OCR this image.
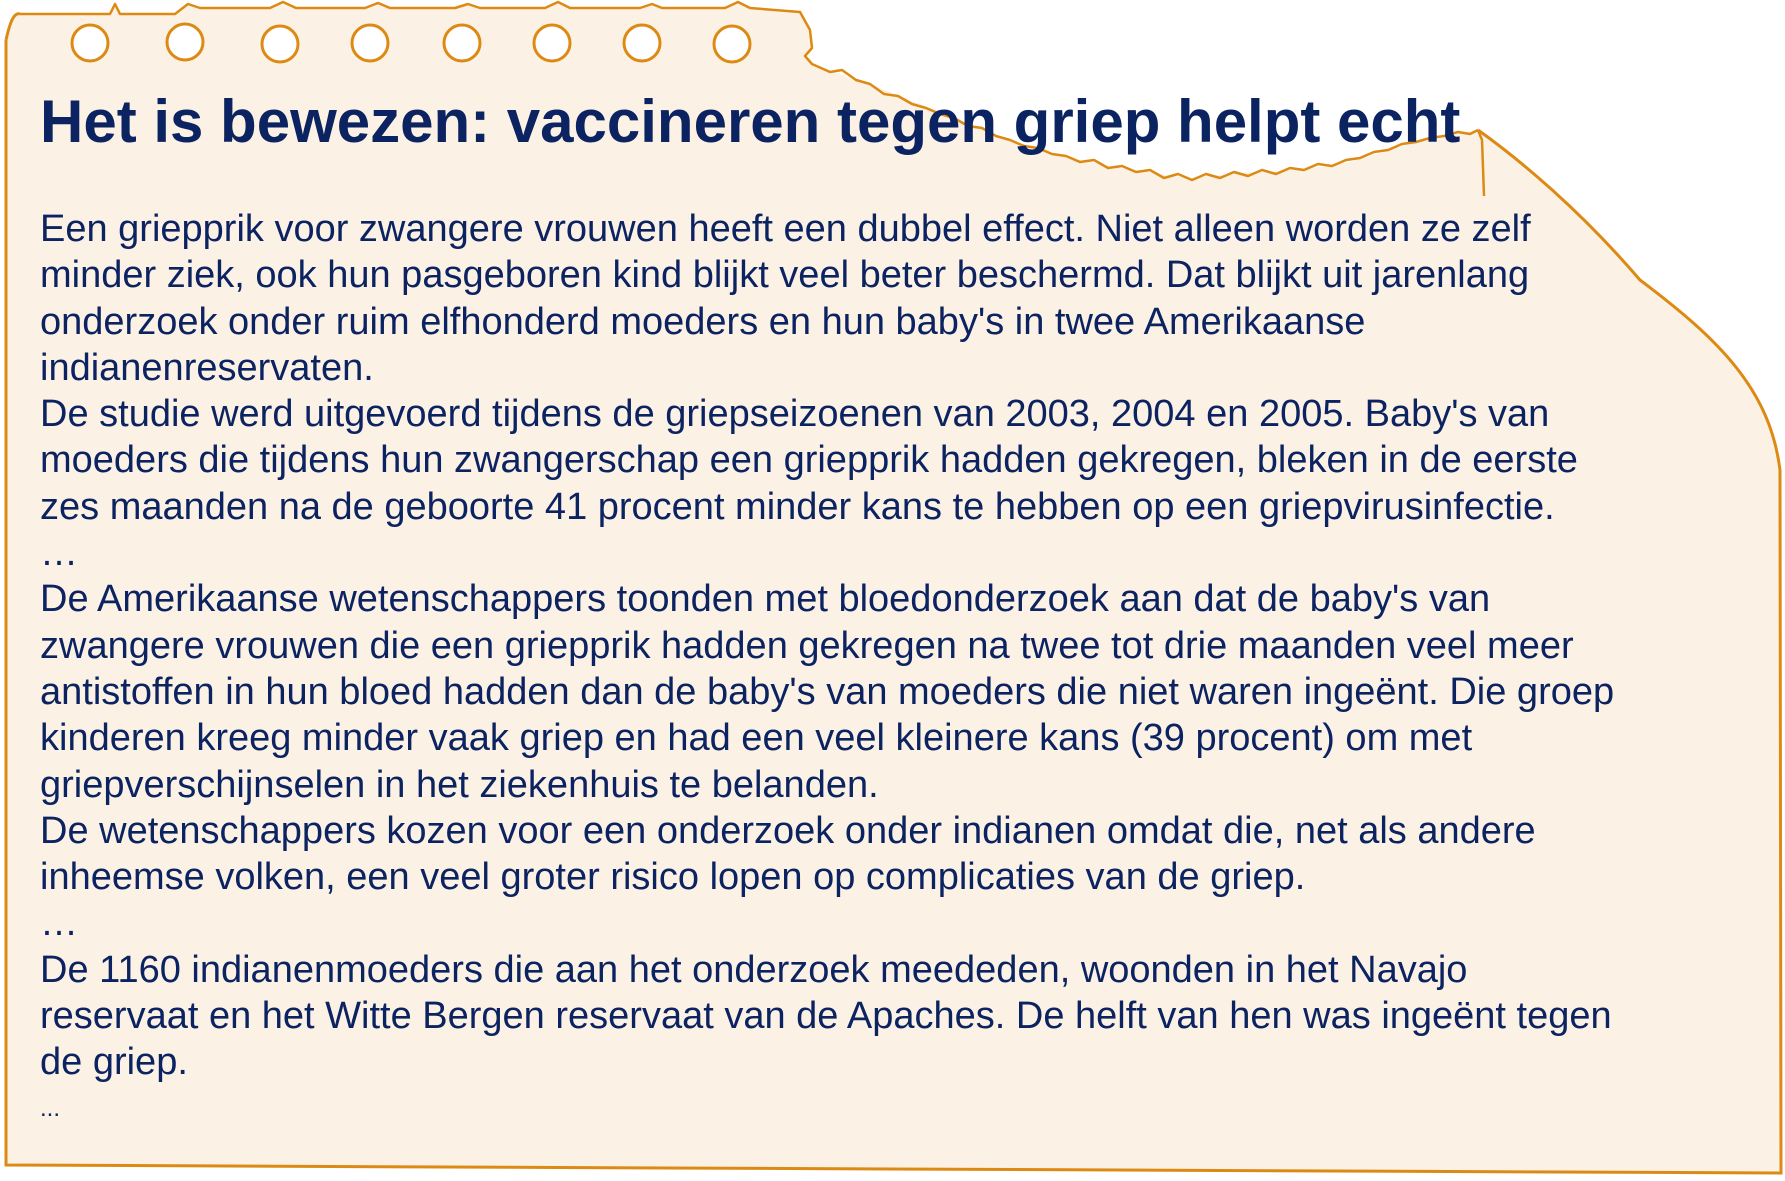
Het is bewezen: vaccineren tegen griep helpt echt
Een griepprik voor zwangere vrouwen heeft een dubbel effect. Niet alleen worden ze zelf
minder ziek, ook hun pasgeboren kind blijkt veel beter beschermd. Dat blijkt uit jarenlang
onderzoek onder ruim elfhonderd moeders en hun baby's in twee Amerikaanse
indianenreservaten.
De studie werd uitgevoerd tijdens de griepseizoenen van 2003, 2004 en 2005. Baby's van
moeders die tijdens hun zwangerschap een griepprik hadden gekregen, bleken in de eerste
zes maanden na de geboorte 41 procent minder kans te hebben op een griepvirusinfectie.
…
De Amerikaanse wetenschappers toonden met bloedonderzoek aan dat de baby's van
zwangere vrouwen die een griepprik hadden gekregen na twee tot drie maanden veel meer
antistoffen in hun bloed hadden dan de baby's van moeders die niet waren ingeënt. Die groep
kinderen kreeg minder vaak griep en had een veel kleinere kans (39 procent) om met
griepverschijnselen in het ziekenhuis te belanden.
De wetenschappers kozen voor een onderzoek onder indianen omdat die, net als andere
inheemse volken, een veel groter risico lopen op complicaties van de griep.
…
De 1160 indianenmoeders die aan het onderzoek meededen, woonden in het Navajo
reservaat en het Witte Bergen reservaat van de Apaches. De helft van hen was ingeënt tegen
de griep.
...
